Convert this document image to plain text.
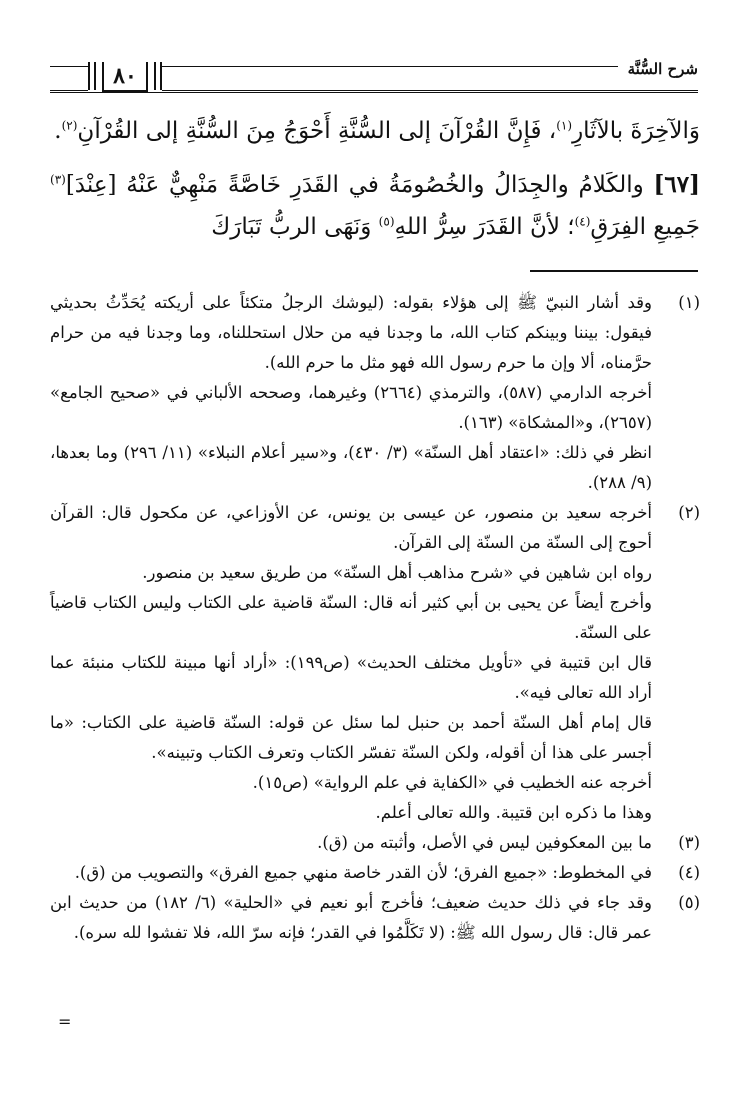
شرح السُّنَّة
٨٠

وَالآخِرَةَ بالآثَارِ$^{(١)}$، فَإِنَّ القُرْآنَ إلى السُّنَّةِ أَحْوَجُ مِنَ السُّنَّةِ إلى القُرْآنِ$^{(٢)}$.

[٦٧] والكَلامُ والجِدَالُ والخُصُومَةُ في القَدَرِ خَاصَّةً مَنْهِيٌّ عَنْهُ [عِنْدَ]$^{(٣)}$ جَمِيعِ الفِرَقِ$^{(٤)}$؛ لأنَّ القَدَرَ سِرُّ اللهِ$^{(٥)}$ وَنَهَى الربُّ تَبَارَكَ

(١)
وقد أشار النبيّ ﷺ إلى هؤلاء بقوله: (ليوشك الرجلُ متكئاً على أريكته يُحَدِّثُ بحديثي فيقول: بيننا وبينكم كتاب الله، ما وجدنا فيه من حلال استحللناه، وما وجدنا فيه من حرام حرَّمناه، ألا وإن ما حرم رسول الله فهو مثل ما حرم الله).
أخرجه الدارمي (٥٨٧)، والترمذي (٢٦٦٤) وغيرهما، وصححه الألباني في «صحيح الجامع» (٢٦٥٧)، و«المشكاة» (١٦٣).
انظر في ذلك: «اعتقاد أهل السنّة» (٣/ ٤٣٠)، و«سير أعلام النبلاء» (١١/ ٢٩٦) وما بعدها، (٩/ ٢٨٨).
(٢)
أخرجه سعيد بن منصور، عن عيسى بن يونس، عن الأوزاعي، عن مكحول قال: القرآن أحوج إلى السنّة من السنّة إلى القرآن.
رواه ابن شاهين في «شرح مذاهب أهل السنّة» من طريق سعيد بن منصور.
وأخرج أيضاً عن يحيى بن أبي كثير أنه قال: السنّة قاضية على الكتاب وليس الكتاب قاضياً على السنّة.
قال ابن قتيبة في «تأويل مختلف الحديث» (ص١٩٩): «أراد أنها مبينة للكتاب منبئة عما أراد الله تعالى فيه».
قال إمام أهل السنّة أحمد بن حنبل لما سئل عن قوله: السنّة قاضية على الكتاب: «ما أجسر على هذا أن أقوله، ولكن السنّة تفسّر الكتاب وتعرف الكتاب وتبينه».
أخرجه عنه الخطيب في «الكفاية في علم الرواية» (ص١٥).
وهذا ما ذكره ابن قتيبة. والله تعالى أعلم.
(٣)
ما بين المعكوفين ليس في الأصل، وأثبته من (ق).
(٤)
في المخطوط: «جميع الفرق؛ لأن القدر خاصة منهي جميع الفرق» والتصويب من (ق).
(٥)
وقد جاء في ذلك حديث ضعيف؛ فأخرج أبو نعيم في «الحلية» (٦/ ١٨٢) من حديث ابن عمر قال: قال رسول الله ﷺ: (لا تَكَلَّمُوا في القدر؛ فإنه سرّ الله، فلا تفشوا لله سره).
=
